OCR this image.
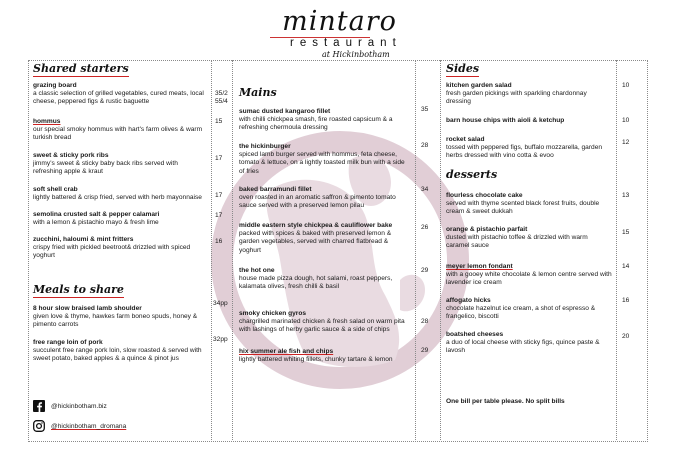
mintaro
restaurant
at Hickinbotham
Shared starters
grazing board
a classic selection of grilled vegetables, cured meats, local cheese, peppered figs & rustic baguette
35/2
55/4
hommus
our special smoky hommus with hart's farm olives & warm turkish bread
15
sweet & sticky pork ribs
jimmy's sweet & sticky baby back ribs served with refreshing apple & kraut
17
soft shell crab
lightly battered & crisp fried, served with herb mayonnaise	17
semolina crusted salt & pepper calamari
with a lemon & pistachio mayo & fresh lime
17
zucchini, haloumi & mint fritters
crispy fried with pickled beetroot& drizzled with spiced yoghurt
16
Meals to share
8 hour slow braised lamb shoulder
given love & thyme, hawkes farm boneo spuds, honey & pimento carrots
34pp
free range loin of pork
succulent free range pork loin, slow roasted & served with sweet potato, baked apples & a quince & pinot jus
32pp
@hickinbotham.biz
@hickinbotham_dromana
Mains
sumac dusted kangaroo fillet
with chilli chickpea smash, fire roasted capsicum & a refreshing chermoula dressing
35
the hickinburger
spiced lamb burger served with hommus, feta cheese, tomato & lettuce, on a lightly toasted milk bun with a side of fries
28
baked barramundi fillet
oven roasted in an aromatic saffron & pimento tomato sauce served with a preserved lemon pilau
34
middle eastern style chickpea & cauliflower bake
packed with spices & baked with preserved lemon & garden vegetables, served with charred flatbread & yoghurt
26
the hot one
house made pizza dough, hot salami, roast peppers, kalamata olives, fresh chilli & basil
29
smoky chicken gyros
chargrilled marinated chicken & fresh salad on warm pita with lashings of herby garlic sauce & a side of chips
28
hix summer ale fish and chips
lightly battered whiting fillets, chunky tartare & lemon
29
Sides
kitchen garden salad
fresh garden pickings with sparkling chardonnay dressing
10
barn house chips with aioli & ketchup	10
rocket salad
tossed with peppered figs, buffalo mozzarella, garden herbs dressed with vino cotta & evoo
12
desserts
flourless chocolate cake
served with thyme scented black forest fruits, double cream & sweet dukkah
13
orange & pistachio parfait
dusted with pistachio toffee & drizzled with warm caramel sauce
15
meyer lemon fondant
with a gooey white chocolate & lemon centre served with lavender ice cream
14
affogato hicks
chocolate hazelnut ice cream, a shot of espresso & frangelico, biscotti
16
boatshed cheeses
a duo of local cheese with sticky figs, quince paste & lavosh
20
One bill per table please. No split bills
